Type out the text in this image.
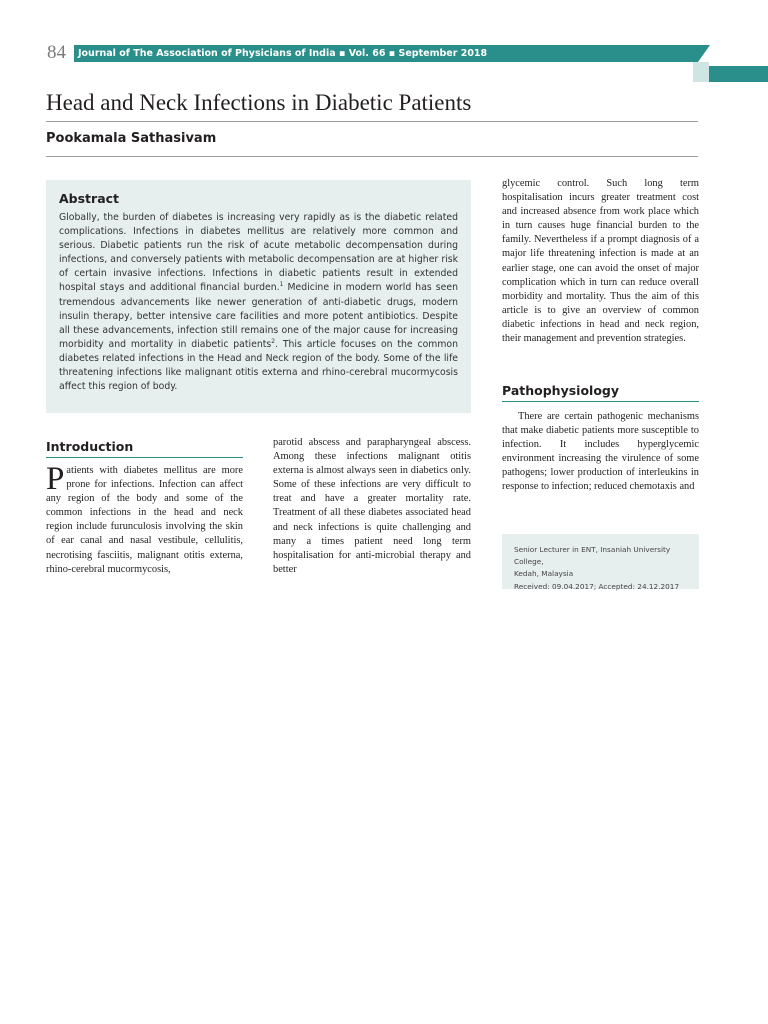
84	Journal of The Association of Physicians of India ▪ Vol. 66 ▪ September 2018
Head and Neck Infections in Diabetic Patients
Pookamala Sathasivam
Abstract

Globally, the burden of diabetes is increasing very rapidly as is the diabetic related complications. Infections in diabetes mellitus are relatively more common and serious. Diabetic patients run the risk of acute metabolic decompensation during infections, and conversely patients with metabolic decompensation are at higher risk of certain invasive infections. Infections in diabetic patients result in extended hospital stays and additional financial burden.$^1$ Medicine in modern world has seen tremendous advancements like newer generation of anti-diabetic drugs, modern insulin therapy, better intensive care facilities and more potent antibiotics. Despite all these advancements, infection still remains one of the major cause for increasing morbidity and mortality in diabetic patients$^2$. This article focuses on the common diabetes related infections in the Head and Neck region of the body. Some of the life threatening infections like malignant otitis externa and rhino-cerebral mucormycosis affect this region of body.

Introduction

Patients with diabetes mellitus are more prone for infections. Infection can affect any region of the body and some of the common infections in the head and neck region include furunculosis involving the skin of ear canal and nasal vestibule, cellulitis, necrotising fasciitis, malignant otitis externa, rhino-cerebral mucormycosis,

parotid abscess and parapharyngeal abscess. Among these infections malignant otitis externa is almost always seen in diabetics only. Some of these infections are very difficult to treat and have a greater mortality rate. Treatment of all these diabetes associated head and neck infections is quite challenging and many a times patient need long term hospitalisation for anti-microbial therapy and better

glycemic control. Such long term hospitalisation incurs greater treatment cost and increased absence from work place which in turn causes huge financial burden to the family. Nevertheless if a prompt diagnosis of a major life threatening infection is made at an earlier stage, one can avoid the onset of major complication which in turn can reduce overall morbidity and mortality. Thus the aim of this article is to give an overview of common diabetic infections in head and neck region, their management and prevention strategies.

Pathophysiology

There are certain pathogenic mechanisms that make diabetic patients more susceptible to infection. It includes hyperglycemic environment increasing the virulence of some pathogens; lower production of interleukins in response to infection; reduced chemotaxis and

Senior Lecturer in ENT, Insaniah University College,
Kedah, Malaysia
Received: 09.04.2017; Accepted: 24.12.2017
